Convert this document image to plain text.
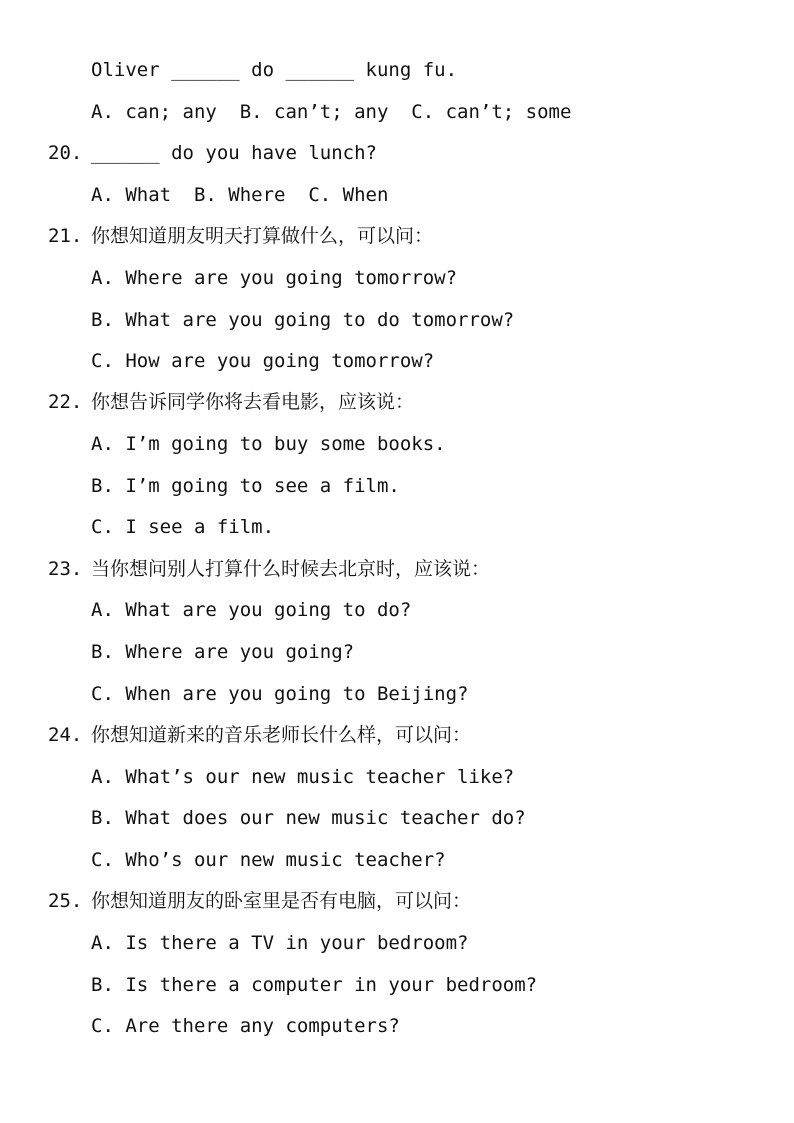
Oliver ______ do ______ kung fu.
A. can; any  B. can’t; any  C. can’t; some
20. ______ do you have lunch?
A. What  B. Where  C. When
21. 你想知道朋友明天打算做什么，可以问：
A. Where are you going tomorrow?
B. What are you going to do tomorrow?
C. How are you going tomorrow?
22. 你想告诉同学你将去看电影，应该说：
A. I’m going to buy some books.
B. I’m going to see a film.
C. I see a film.
23. 当你想问别人打算什么时候去北京时，应该说：
A. What are you going to do?
B. Where are you going?
C. When are you going to Beijing?
24. 你想知道新来的音乐老师长什么样，可以问：
A. What’s our new music teacher like?
B. What does our new music teacher do?
C. Who’s our new music teacher?
25. 你想知道朋友的卧室里是否有电脑，可以问：
A. Is there a TV in your bedroom?
B. Is there a computer in your bedroom?
C. Are there any computers?
